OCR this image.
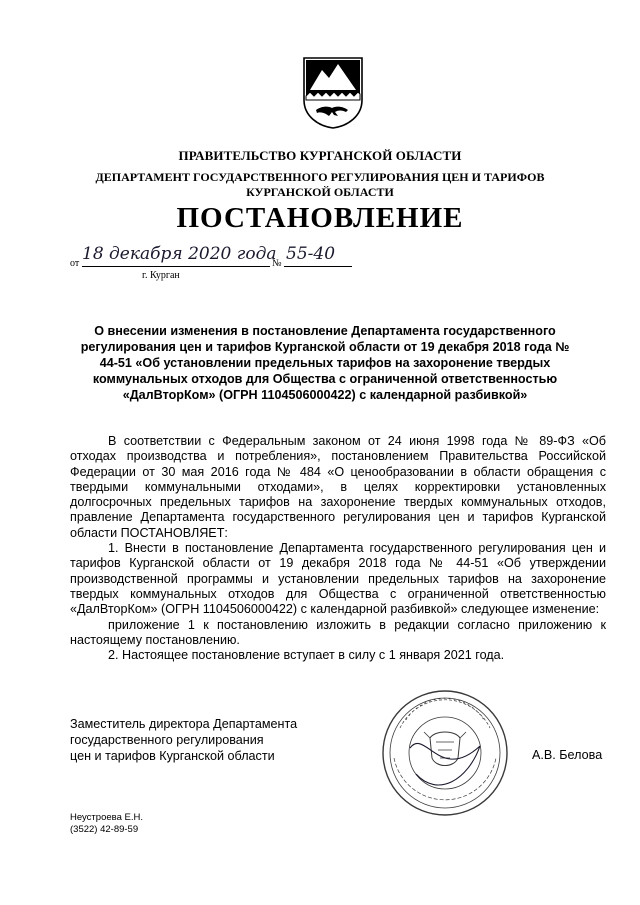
ПРАВИТЕЛЬСТВО КУРГАНСКОЙ ОБЛАСТИ
ДЕПАРТАМЕНТ ГОСУДАРСТВЕННОГО РЕГУЛИРОВАНИЯ ЦЕН И ТАРИФОВ
КУРГАНСКОЙ ОБЛАСТИ
ПОСТАНОВЛЕНИЕ
от 18 декабря 2020 года
№ 55-40
г. Курган
О внесении изменения в постановление Департамента государственного регулирования цен и тарифов Курганской области от 19 декабря 2018 года № 44-51 «Об установлении предельных тарифов на захоронение твердых коммунальных отходов для Общества с ограниченной ответственностью «ДалВторКом» (ОГРН 1104506000422) с календарной разбивкой»

В соответствии с Федеральным законом от 24 июня 1998 года № 89-ФЗ «Об отходах производства и потребления», постановлением Правительства Российской Федерации от 30 мая 2016 года № 484 «О ценообразовании в области обращения с твердыми коммунальными отходами», в целях корректировки установленных долгосрочных предельных тарифов на захоронение твердых коммунальных отходов, правление Департамента государственного регулирования цен и тарифов Курганской области ПОСТАНОВЛЯЕТ:

1. Внести в постановление Департамента государственного регулирования цен и тарифов Курганской области от 19 декабря 2018 года № 44-51 «Об утверждении производственной программы и установлении предельных тарифов на захоронение твердых коммунальных отходов для Общества с ограниченной ответственностью «ДалВторКом» (ОГРН 1104506000422) с календарной разбивкой» следующее изменение:

приложение 1 к постановлению изложить в редакции согласно приложению к настоящему постановлению.

2. Настоящее постановление вступает в силу с 1 января 2021 года.

Заместитель директора Департамента
государственного регулирования
цен и тарифов Курганской области	А.В. Белова
Неустроева Е.Н.
(3522) 42-89-59
